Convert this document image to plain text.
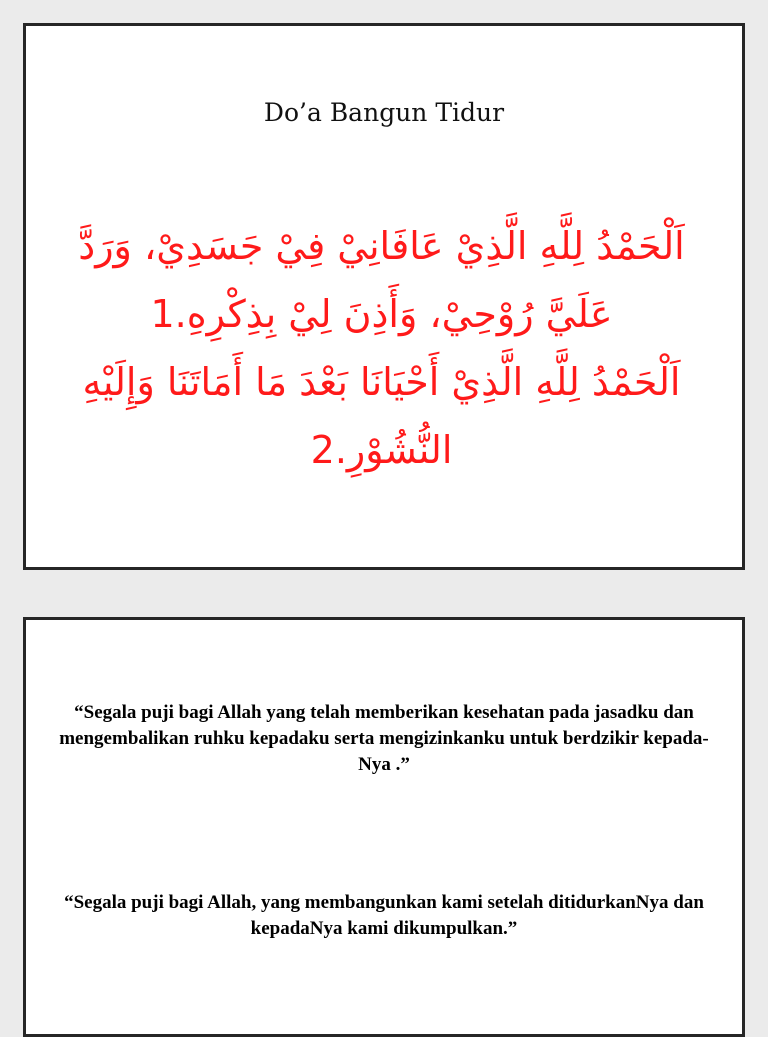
Do’a Bangun Tidur

اَلْحَمْدُ لِلَّهِ الَّذِيْ عَافَانِيْ فِيْ جَسَدِيْ، وَرَدَّ عَلَيَّ رُوْحِيْ، وَأَذِنَ لِيْ بِذِكْرِهِ.1

اَلْحَمْدُ لِلَّهِ الَّذِيْ أَحْيَانَا بَعْدَ مَا أَمَاتَنَا وَإِلَيْهِ النُّشُوْرِ.2

“Segala puji bagi Allah yang telah memberikan kesehatan pada jasadku dan mengembalikan ruhku kepadaku serta mengizinkanku untuk berdzikir kepada-Nya .”
“Segala puji bagi Allah, yang membangunkan kami setelah ditidurkanNya dan kepadaNya kami dikumpulkan.”
